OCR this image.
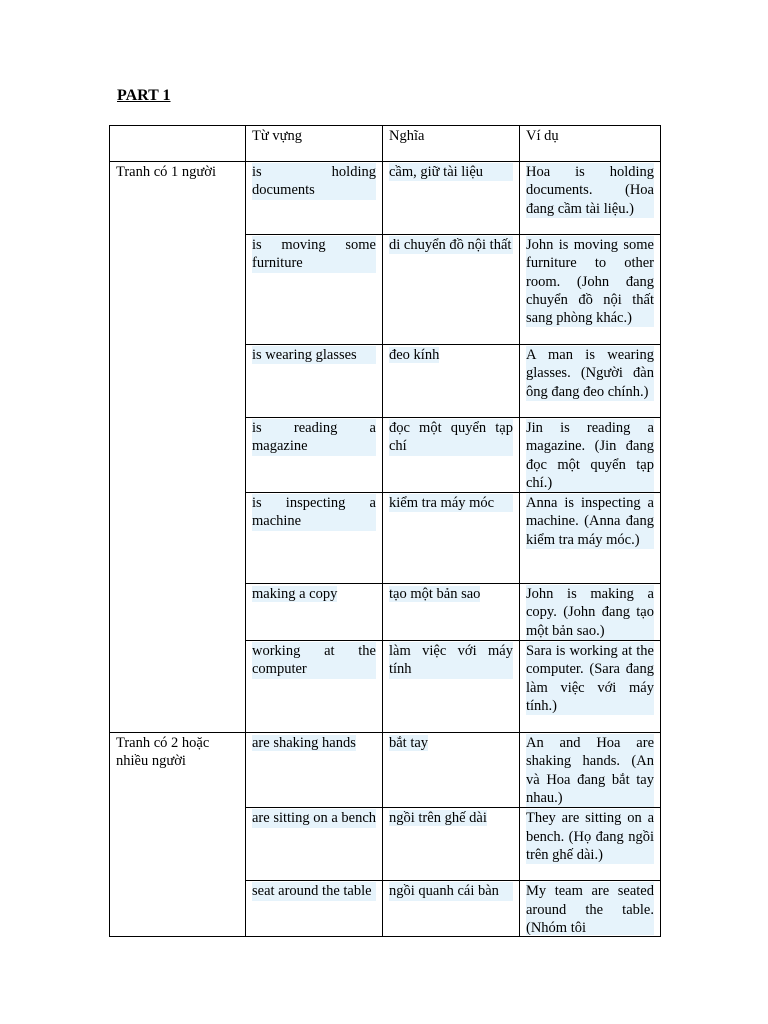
PART 1
	Từ vựng	Nghĩa	Ví dụ
Tranh có 1 người	is holding documents	cầm, giữ tài liệu	Hoa is holding documents. (Hoa đang cầm tài liệu.)

	is moving some furniture	di chuyển đồ nội thất	John is moving some furniture to other room. (John đang chuyển đồ nội thất sang phòng khác.)

	is wearing glasses	đeo kính	A man is wearing glasses. (Người đàn ông đang đeo chính.)

	is reading a magazine	đọc một quyển tạp chí	Jin is reading a magazine. (Jin đang đọc một quyển tạp chí.)

	is inspecting a machine	kiểm tra máy móc	Anna is inspecting a machine. (Anna đang kiểm tra máy móc.)

	making a copy	tạo một bản sao	John is making a copy. (John đang tạo một bản sao.)

	working at the computer	làm việc với máy tính	Sara is working at the computer. (Sara đang làm việc với máy tính.)

Tranh có 2 hoặc nhiều người	are shaking hands	bắt tay	An and Hoa are shaking hands. (An và Hoa đang bắt tay nhau.)

	are sitting on a bench	ngồi trên ghế dài	They are sitting on a bench. (Họ đang ngồi trên ghế dài.)

	seat around the table	ngồi quanh cái bàn	My team are seated around the table. (Nhóm tôi
